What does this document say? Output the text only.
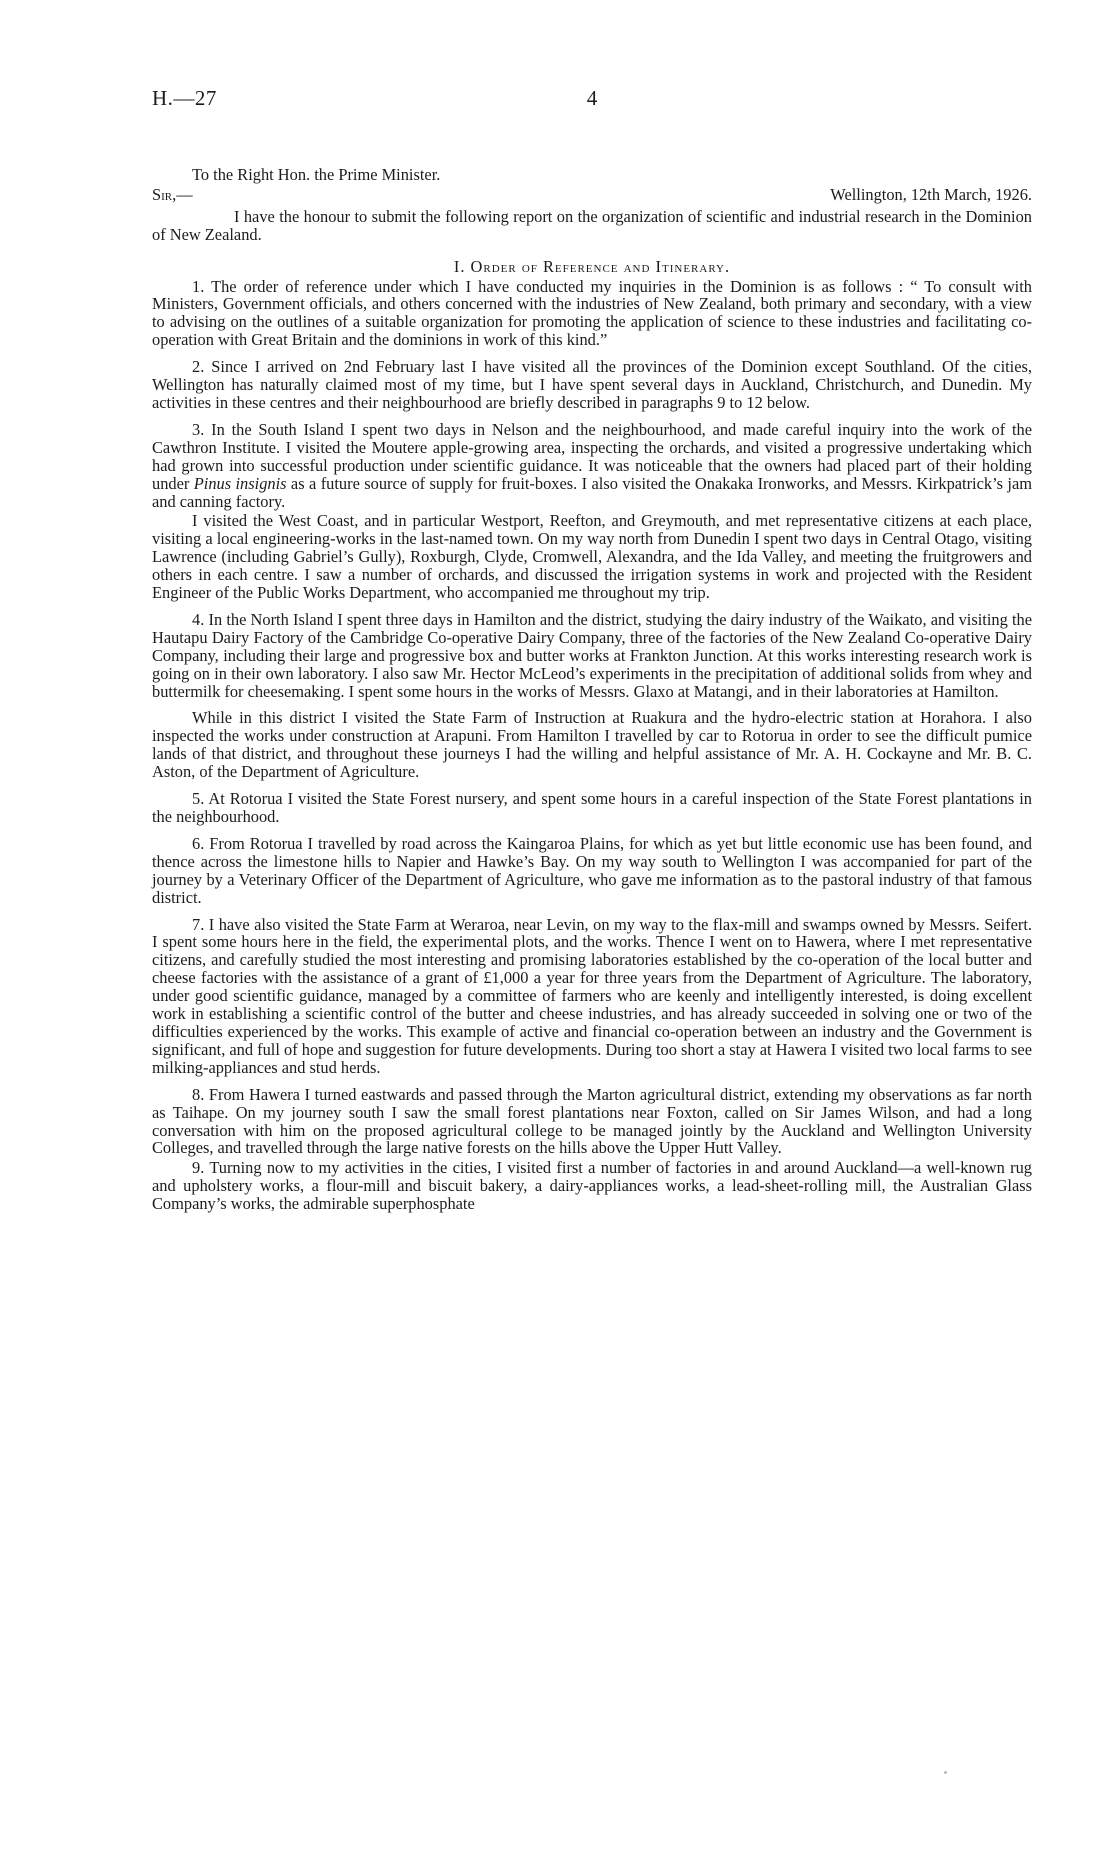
H.—27	4

To the Right Hon. the Prime Minister.

Sir,—	Wellington, 12th March, 1926.

I have the honour to submit the following report on the organization of scientific and industrial research in the Dominion of New Zealand.

I. Order of Reference and Itinerary.

1. The order of reference under which I have conducted my inquiries in the Dominion is as follows : “ To consult with Ministers, Government officials, and others concerned with the industries of New Zealand, both primary and secondary, with a view to advising on the outlines of a suitable organization for promoting the application of science to these industries and facilitating co-operation with Great Britain and the dominions in work of this kind.”

2. Since I arrived on 2nd February last I have visited all the provinces of the Dominion except Southland. Of the cities, Wellington has naturally claimed most of my time, but I have spent several days in Auckland, Christchurch, and Dunedin. My activities in these centres and their neighbourhood are briefly described in paragraphs 9 to 12 below.

3. In the South Island I spent two days in Nelson and the neighbourhood, and made careful inquiry into the work of the Cawthron Institute. I visited the Moutere apple-growing area, inspecting the orchards, and visited a progressive undertaking which had grown into successful production under scientific guidance. It was noticeable that the owners had placed part of their holding under Pinus insignis as a future source of supply for fruit-boxes. I also visited the Onakaka Ironworks, and Messrs. Kirkpatrick’s jam and canning factory.

I visited the West Coast, and in particular Westport, Reefton, and Greymouth, and met representative citizens at each place, visiting a local engineering-works in the last-named town. On my way north from Dunedin I spent two days in Central Otago, visiting Lawrence (including Gabriel’s Gully), Roxburgh, Clyde, Cromwell, Alexandra, and the Ida Valley, and meeting the fruitgrowers and others in each centre. I saw a number of orchards, and discussed the irrigation systems in work and projected with the Resident Engineer of the Public Works Department, who accompanied me throughout my trip.

4. In the North Island I spent three days in Hamilton and the district, studying the dairy industry of the Waikato, and visiting the Hautapu Dairy Factory of the Cambridge Co-operative Dairy Company, three of the factories of the New Zealand Co-operative Dairy Company, including their large and progressive box and butter works at Frankton Junction. At this works interesting research work is going on in their own laboratory. I also saw Mr. Hector McLeod’s experiments in the precipitation of additional solids from whey and buttermilk for cheesemaking. I spent some hours in the works of Messrs. Glaxo at Matangi, and in their laboratories at Hamilton.

While in this district I visited the State Farm of Instruction at Ruakura and the hydro-electric station at Horahora. I also inspected the works under construction at Arapuni. From Hamilton I travelled by car to Rotorua in order to see the difficult pumice lands of that district, and throughout these journeys I had the willing and helpful assistance of Mr. A. H. Cockayne and Mr. B. C. Aston, of the Department of Agriculture.

5. At Rotorua I visited the State Forest nursery, and spent some hours in a careful inspection of the State Forest plantations in the neighbourhood.

6. From Rotorua I travelled by road across the Kaingaroa Plains, for which as yet but little economic use has been found, and thence across the limestone hills to Napier and Hawke’s Bay. On my way south to Wellington I was accompanied for part of the journey by a Veterinary Officer of the Department of Agriculture, who gave me information as to the pastoral industry of that famous district.

7. I have also visited the State Farm at Weraroa, near Levin, on my way to the flax-mill and swamps owned by Messrs. Seifert. I spent some hours here in the field, the experimental plots, and the works. Thence I went on to Hawera, where I met representative citizens, and carefully studied the most interesting and promising laboratories established by the co-operation of the local butter and cheese factories with the assistance of a grant of £1,000 a year for three years from the Department of Agriculture. The laboratory, under good scientific guidance, managed by a committee of farmers who are keenly and intelligently interested, is doing excellent work in establishing a scientific control of the butter and cheese industries, and has already succeeded in solving one or two of the difficulties experienced by the works. This example of active and financial co-operation between an industry and the Government is significant, and full of hope and suggestion for future developments. During too short a stay at Hawera I visited two local farms to see milking-appliances and stud herds.

8. From Hawera I turned eastwards and passed through the Marton agricultural district, extending my observations as far north as Taihape. On my journey south I saw the small forest plantations near Foxton, called on Sir James Wilson, and had a long conversation with him on the proposed agricultural college to be managed jointly by the Auckland and Wellington University Colleges, and travelled through the large native forests on the hills above the Upper Hutt Valley.

9. Turning now to my activities in the cities, I visited first a number of factories in and around Auckland—a well-known rug and upholstery works, a flour-mill and biscuit bakery, a dairy-appliances works, a lead-sheet-rolling mill, the Australian Glass Company’s works, the admirable superphosphate
